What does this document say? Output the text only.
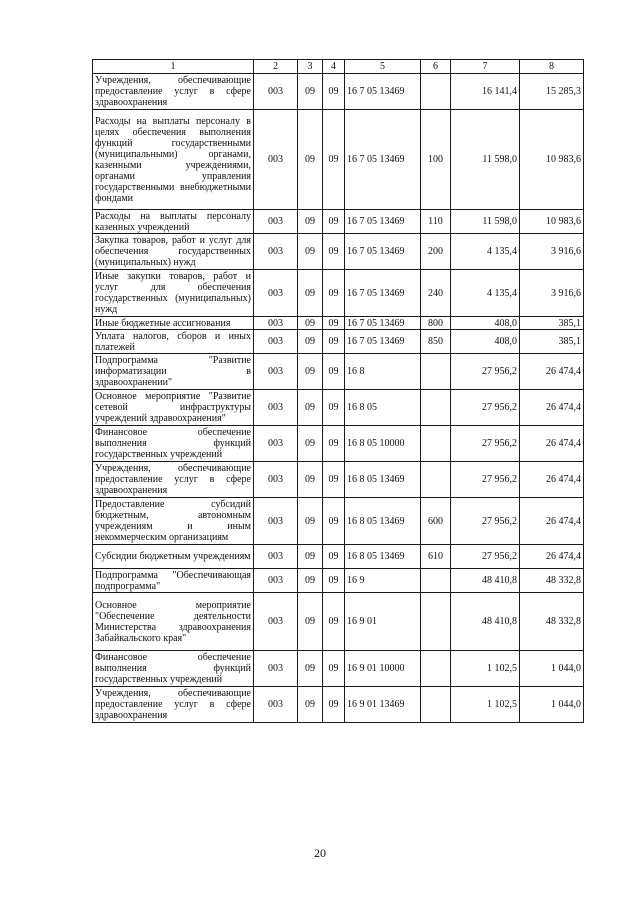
1	2	3	4	5	6	7	8
Учреждения, обеспечивающие предоставление услуг в сфере здравоохранения	003	09	09	16 7 05 13469		16 141,4	15 285,3
Расходы на выплаты персоналу в целях обеспечения выполнения функций государственными (муниципальными) органами, казенными учреждениями, органами управления государственными внебюджетными фондами	003	09	09	16 7 05 13469	100	11 598,0	10 983,6
Расходы на выплаты персоналу казенных учреждений	003	09	09	16 7 05 13469	110	11 598,0	10 983,6
Закупка товаров, работ и услуг для обеспечения государственных (муниципальных) нужд	003	09	09	16 7 05 13469	200	4 135,4	3 916,6
Иные закупки товаров, работ и услуг для обеспечения государственных (муниципальных) нужд	003	09	09	16 7 05 13469	240	4 135,4	3 916,6
Иные бюджетные ассигнования	003	09	09	16 7 05 13469	800	408,0	385,1
Уплата налогов, сборов и иных платежей	003	09	09	16 7 05 13469	850	408,0	385,1
Подпрограмма "Развитие информатизации в здравоохранении"	003	09	09	16 8		27 956,2	26 474,4
Основное мероприятие "Развитие сетевой инфраструктуры учреждений здравоохранения"	003	09	09	16 8 05		27 956,2	26 474,4
Финансовое обеспечение выполнения функций государственных учреждений	003	09	09	16 8 05 10000		27 956,2	26 474,4
Учреждения, обеспечивающие предоставление услуг в сфере здравоохранения	003	09	09	16 8 05 13469		27 956,2	26 474,4
Предоставление субсидий бюджетным, автономным учреждениям и иным некоммерческим организациям	003	09	09	16 8 05 13469	600	27 956,2	26 474,4
Субсидии бюджетным учреждениям	003	09	09	16 8 05 13469	610	27 956,2	26 474,4
Подпрограмма "Обеспечивающая подпрограмма"	003	09	09	16 9		48 410,8	48 332,8
Основное мероприятие "Обеспечение деятельности Министерства здравоохранения Забайкальского края"	003	09	09	16 9 01		48 410,8	48 332,8
Финансовое обеспечение выполнения функций государственных учреждений	003	09	09	16 9 01 10000		1 102,5	1 044,0
Учреждения, обеспечивающие предоставление услуг в сфере здравоохранения	003	09	09	16 9 01 13469		1 102,5	1 044,0
20
